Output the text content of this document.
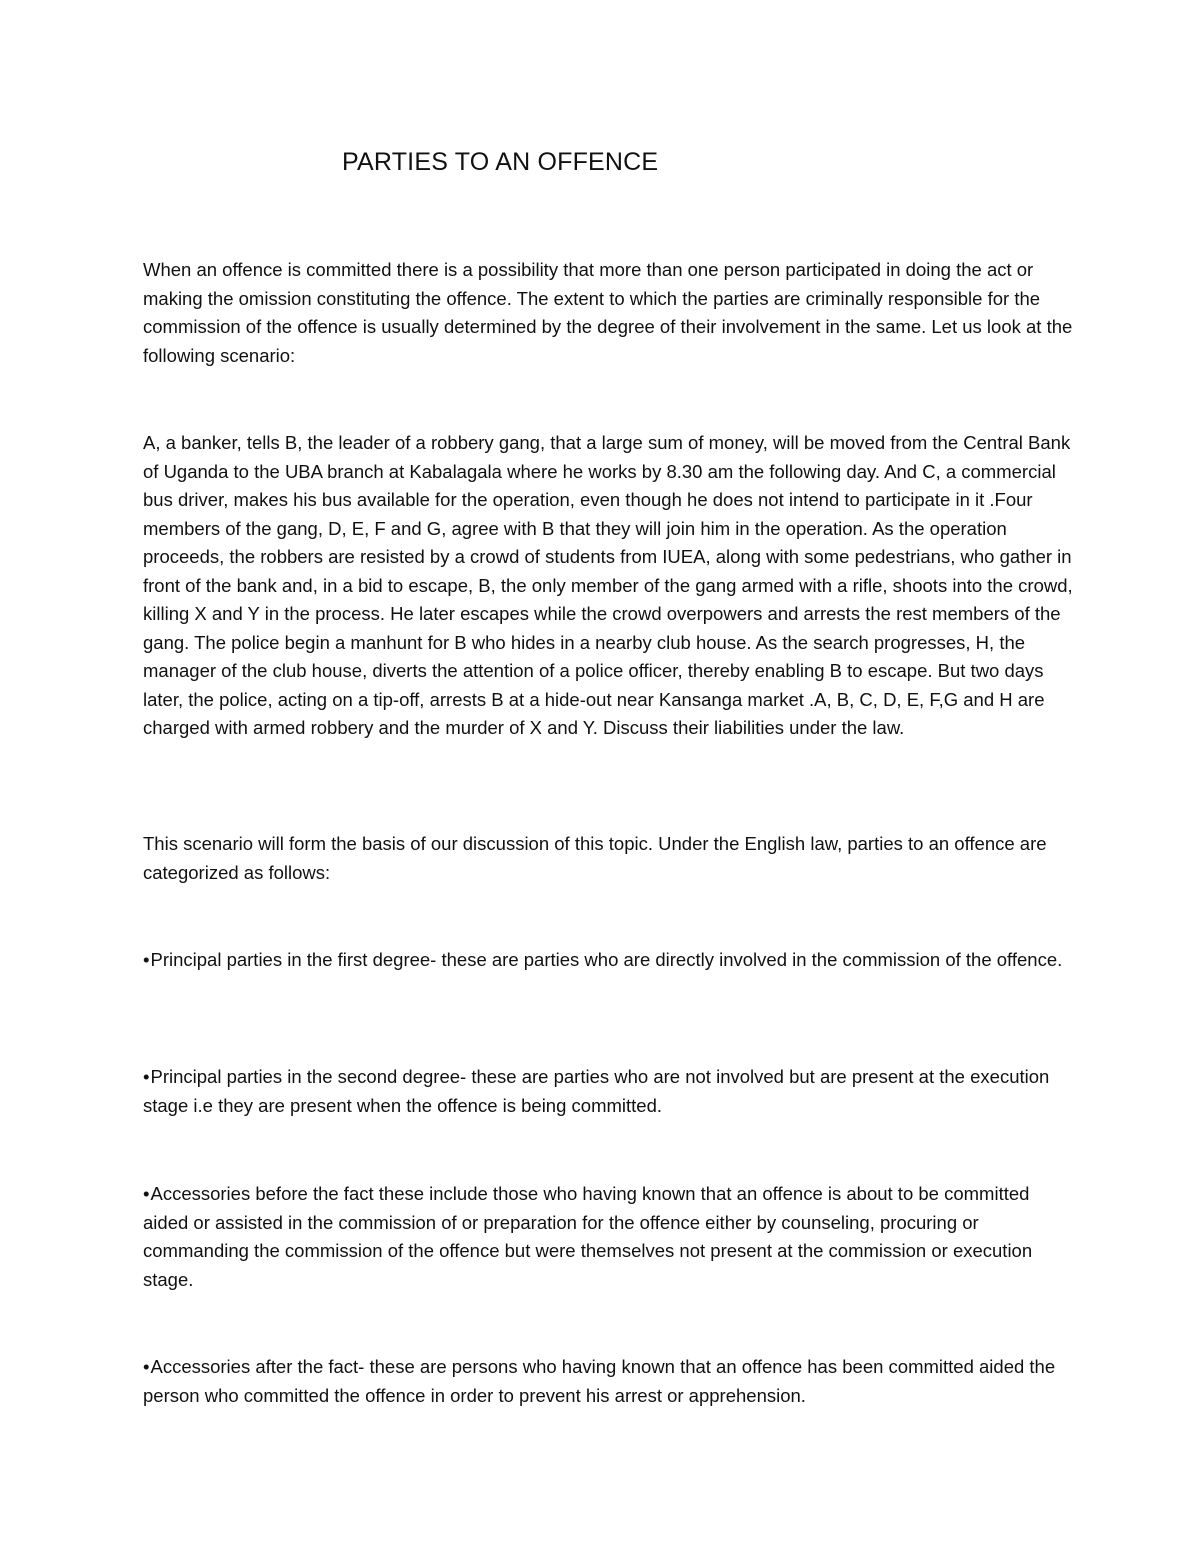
PARTIES TO AN OFFENCE

When an offence is committed there is a possibility that more than one person participated in doing the act or making the omission constituting the offence. The extent to which the parties are criminally responsible for the commission of the offence is usually determined by the degree of their involvement in the same. Let us look at the following scenario:

A, a banker, tells B, the leader of a robbery gang, that a large sum of money, will be moved from the Central Bank of Uganda to the UBA branch at Kabalagala where he works by 8.30 am the following day. And C, a commercial bus driver, makes his bus available for the operation, even though he does not intend to participate in it .Four members of the gang, D, E, F and G, agree with B that they will join him in the operation. As the operation proceeds, the robbers are resisted by a crowd of students from IUEA, along with some pedestrians, who gather in front of the bank and, in a bid to escape, B, the only member of the gang armed with a rifle, shoots into the crowd, killing X and Y in the process. He later escapes while the crowd overpowers and arrests the rest members of the gang. The police begin a manhunt for B who hides in a nearby club house. As the search progresses, H, the manager of the club house, diverts the attention of a police officer, thereby enabling B to escape. But two days later, the police, acting on a tip-off, arrests B at a hide-out near Kansanga market .A, B, C, D, E, F,G and H are charged with armed robbery and the murder of X and Y. Discuss their liabilities under the law.

This scenario will form the basis of our discussion of this topic. Under the English law, parties to an offence are categorized as follows:

•Principal parties in the first degree- these are parties who are directly involved in the commission of the offence.

•Principal parties in the second degree- these are parties who are not involved but are present at the execution stage i.e they are present when the offence is being committed.

•Accessories before the fact these include those who having known that an offence is about to be committed aided or assisted in the commission of or preparation for the offence either by counseling, procuring or commanding the commission of the offence but were themselves not present at the commission or execution stage.

•Accessories after the fact- these are persons who having known that an offence has been committed aided the person who committed the offence in order to prevent his arrest or apprehension.
